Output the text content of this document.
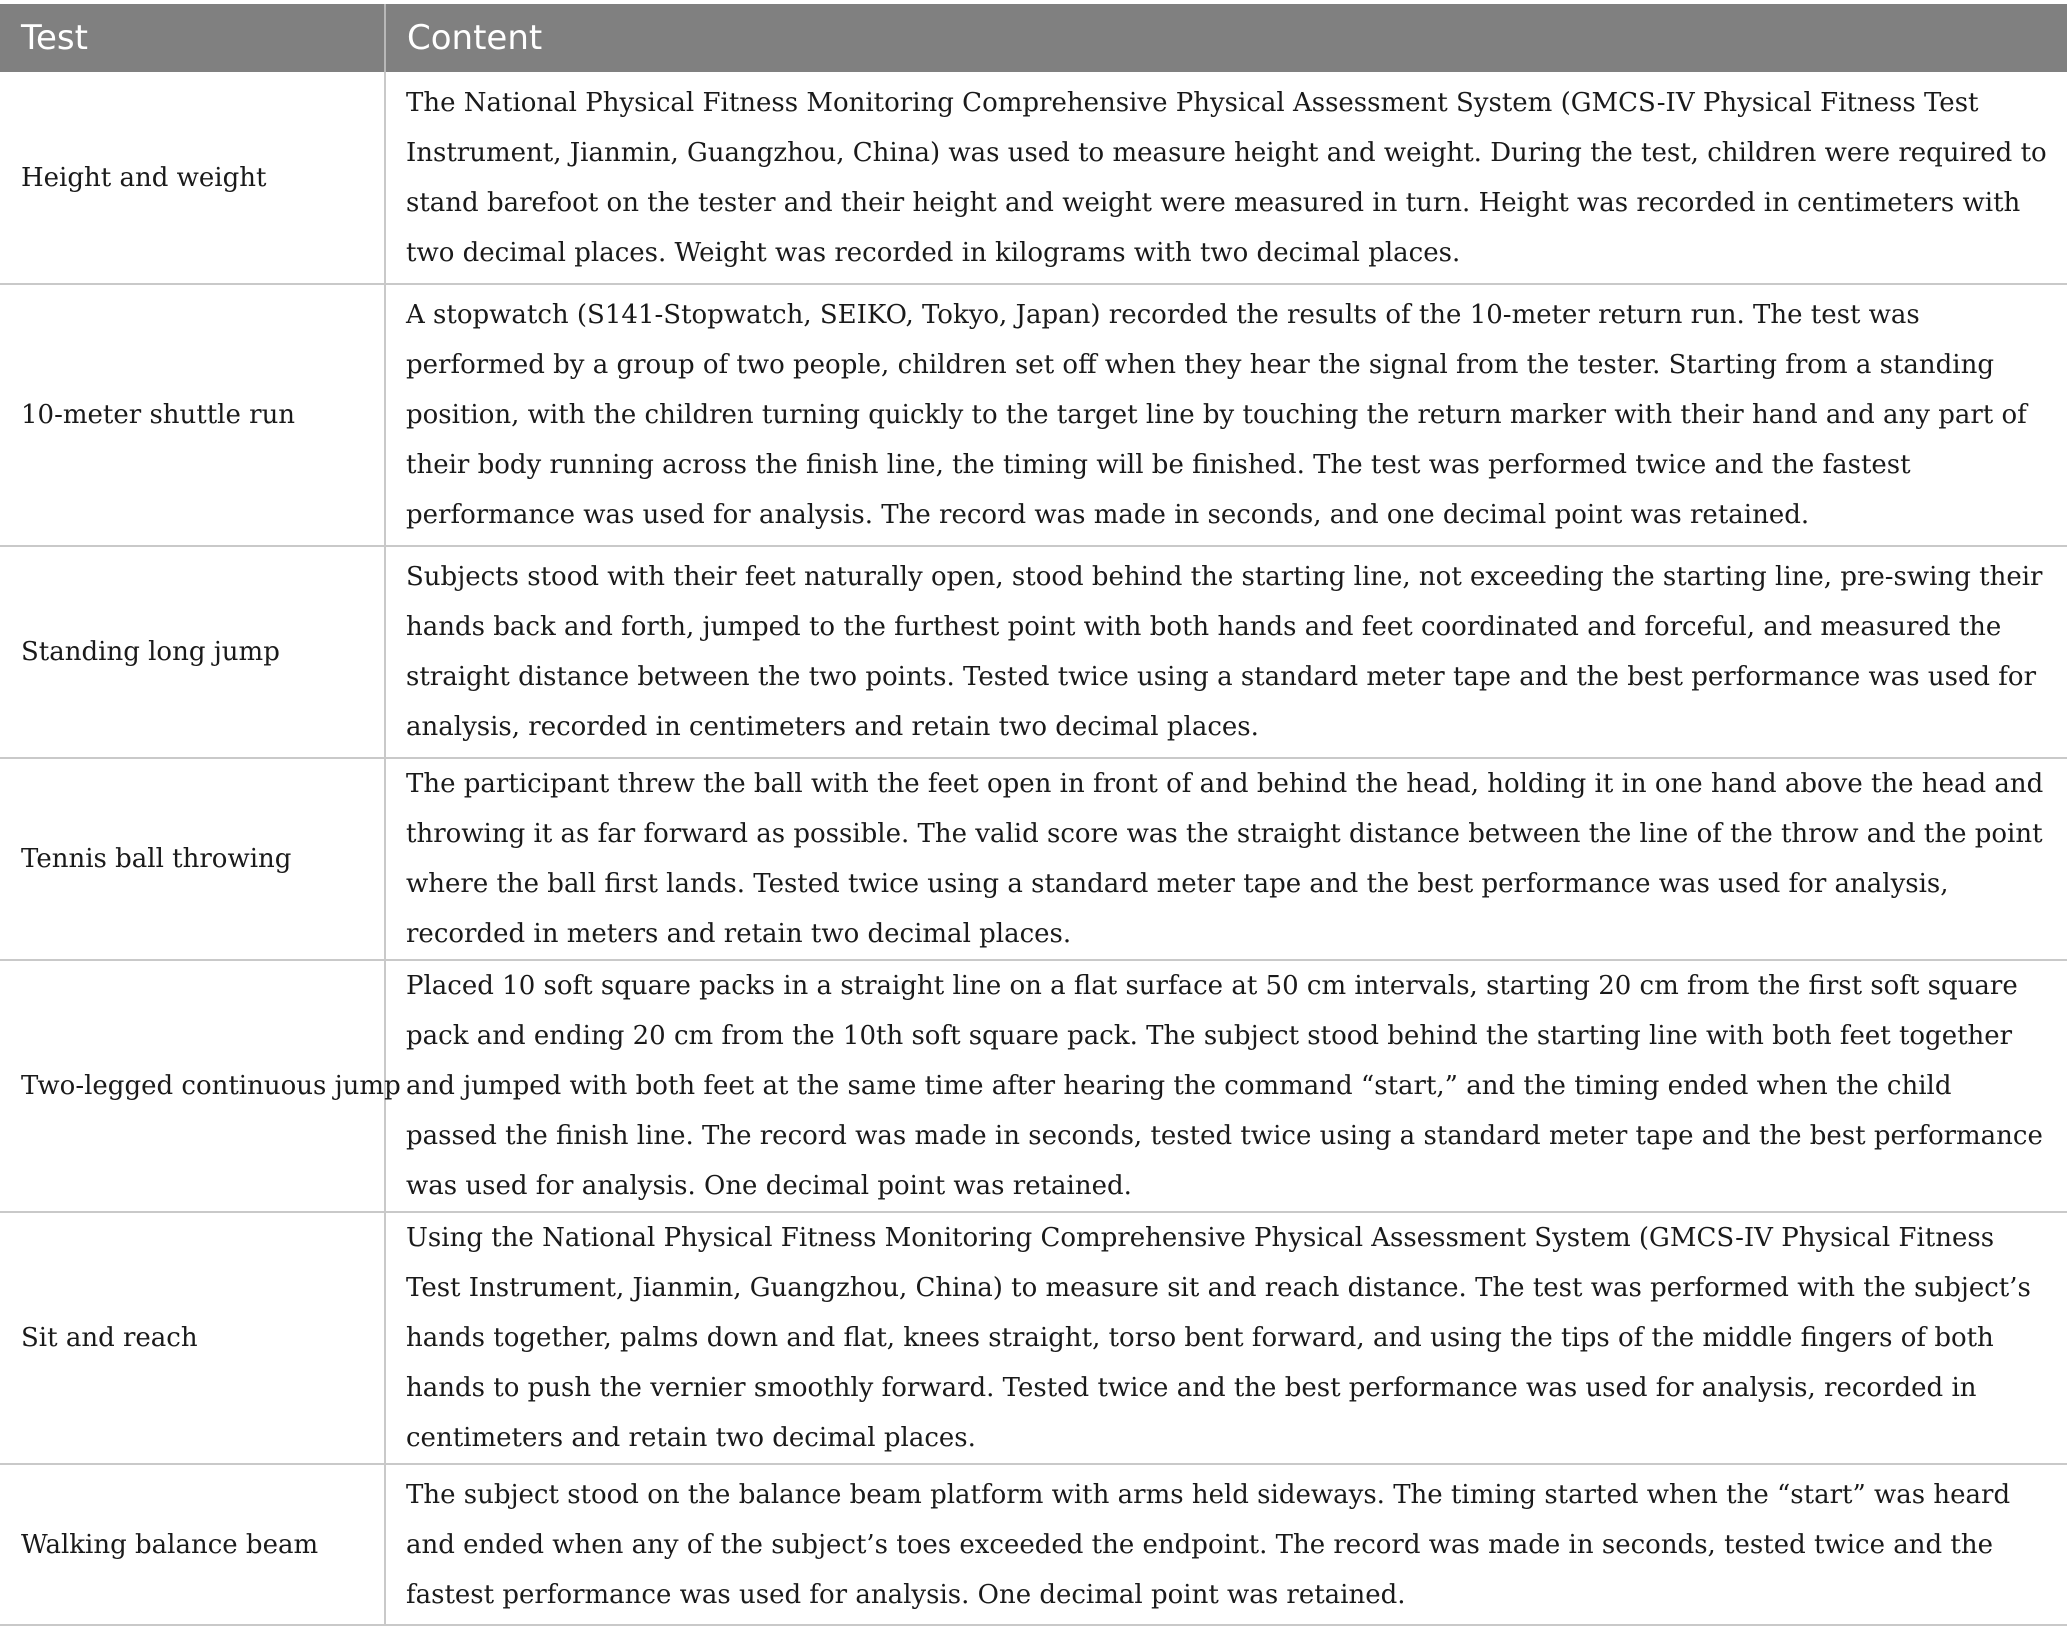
Test	Content
Height and weight	The National Physical Fitness Monitoring Comprehensive Physical Assessment System (GMCS-IV Physical Fitness Test Instrument, Jianmin, Guangzhou, China) was used to measure height and weight. During the test, children were required to stand barefoot on the tester and their height and weight were measured in turn. Height was recorded in centimeters with two decimal places. Weight was recorded in kilograms with two decimal places.
10-meter shuttle run	A stopwatch (S141-Stopwatch, SEIKO, Tokyo, Japan) recorded the results of the 10-meter return run. The test was performed by a group of two people, children set off when they hear the signal from the tester. Starting from a standing position, with the children turning quickly to the target line by touching the return marker with their hand and any part of their body running across the finish line, the timing will be finished. The test was performed twice and the fastest performance was used for analysis. The record was made in seconds, and one decimal point was retained.
Standing long jump	Subjects stood with their feet naturally open, stood behind the starting line, not exceeding the starting line, pre-swing their hands back and forth, jumped to the furthest point with both hands and feet coordinated and forceful, and measured the straight distance between the two points. Tested twice using a standard meter tape and the best performance was used for analysis, recorded in centimeters and retain two decimal places.
Tennis ball throwing	The participant threw the ball with the feet open in front of and behind the head, holding it in one hand above the head and throwing it as far forward as possible. The valid score was the straight distance between the line of the throw and the point where the ball first lands. Tested twice using a standard meter tape and the best performance was used for analysis, recorded in meters and retain two decimal places.
Two-legged continuous jump	Placed 10 soft square packs in a straight line on a flat surface at 50 cm intervals, starting 20 cm from the first soft square pack and ending 20 cm from the 10th soft square pack. The subject stood behind the starting line with both feet together and jumped with both feet at the same time after hearing the command “start,” and the timing ended when the child passed the finish line. The record was made in seconds, tested twice using a standard meter tape and the best performance was used for analysis. One decimal point was retained.
Sit and reach	Using the National Physical Fitness Monitoring Comprehensive Physical Assessment System (GMCS-IV Physical Fitness Test Instrument, Jianmin, Guangzhou, China) to measure sit and reach distance. The test was performed with the subject’s hands together, palms down and flat, knees straight, torso bent forward, and using the tips of the middle fingers of both hands to push the vernier smoothly forward. Tested twice and the best performance was used for analysis, recorded in centimeters and retain two decimal places.
Walking balance beam	The subject stood on the balance beam platform with arms held sideways. The timing started when the “start” was heard and ended when any of the subject’s toes exceeded the endpoint. The record was made in seconds, tested twice and the fastest performance was used for analysis. One decimal point was retained.
